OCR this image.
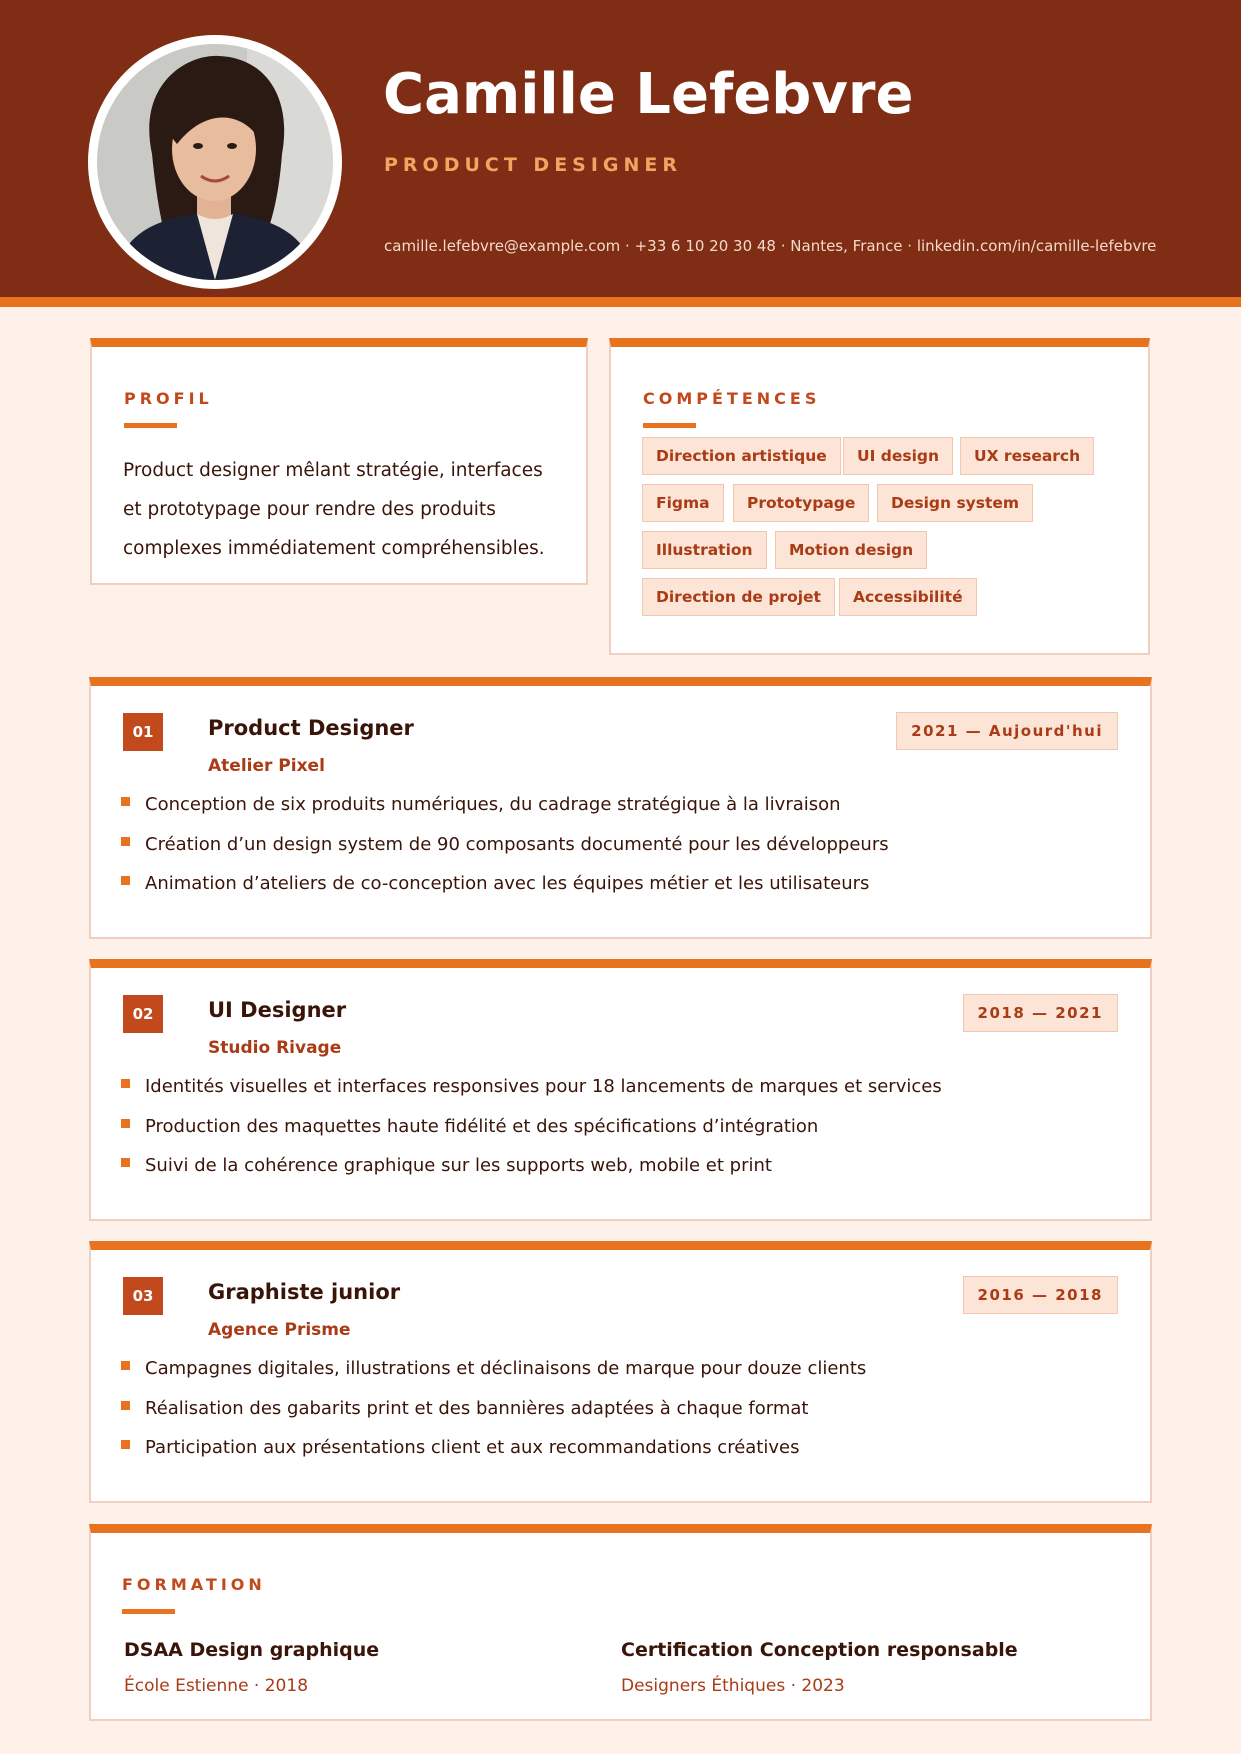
Camille Lefebvre
PRODUCT DESIGNER
camille.lefebvre@example.com · +33 6 10 20 30 48 · Nantes, France · linkedin.com/in/camille-lefebvre
PROFIL
Product designer mêlant stratégie, interfaces et prototypage pour rendre des produits complexes immédiatement compréhensibles.
COMPÉTENCES
Direction artistique	UI design	UX research
Figma	Prototypage	Design system
Illustration	Motion design
Direction de projet	Accessibilité
01	Product Designer
Atelier Pixel
2021 — Aujourd'hui
Conception de six produits numériques, du cadrage stratégique à la livraison
Création d’un design system de 90 composants documenté pour les développeurs
Animation d’ateliers de co-conception avec les équipes métier et les utilisateurs
02	UI Designer
Studio Rivage
2018 — 2021
Identités visuelles et interfaces responsives pour 18 lancements de marques et services
Production des maquettes haute fidélité et des spécifications d’intégration
Suivi de la cohérence graphique sur les supports web, mobile et print
03	Graphiste junior
Agence Prisme
2016 — 2018
Campagnes digitales, illustrations et déclinaisons de marque pour douze clients
Réalisation des gabarits print et des bannières adaptées à chaque format
Participation aux présentations client et aux recommandations créatives
FORMATION
DSAA Design graphique
École Estienne · 2018
Certification Conception responsable
Designers Éthiques · 2023
